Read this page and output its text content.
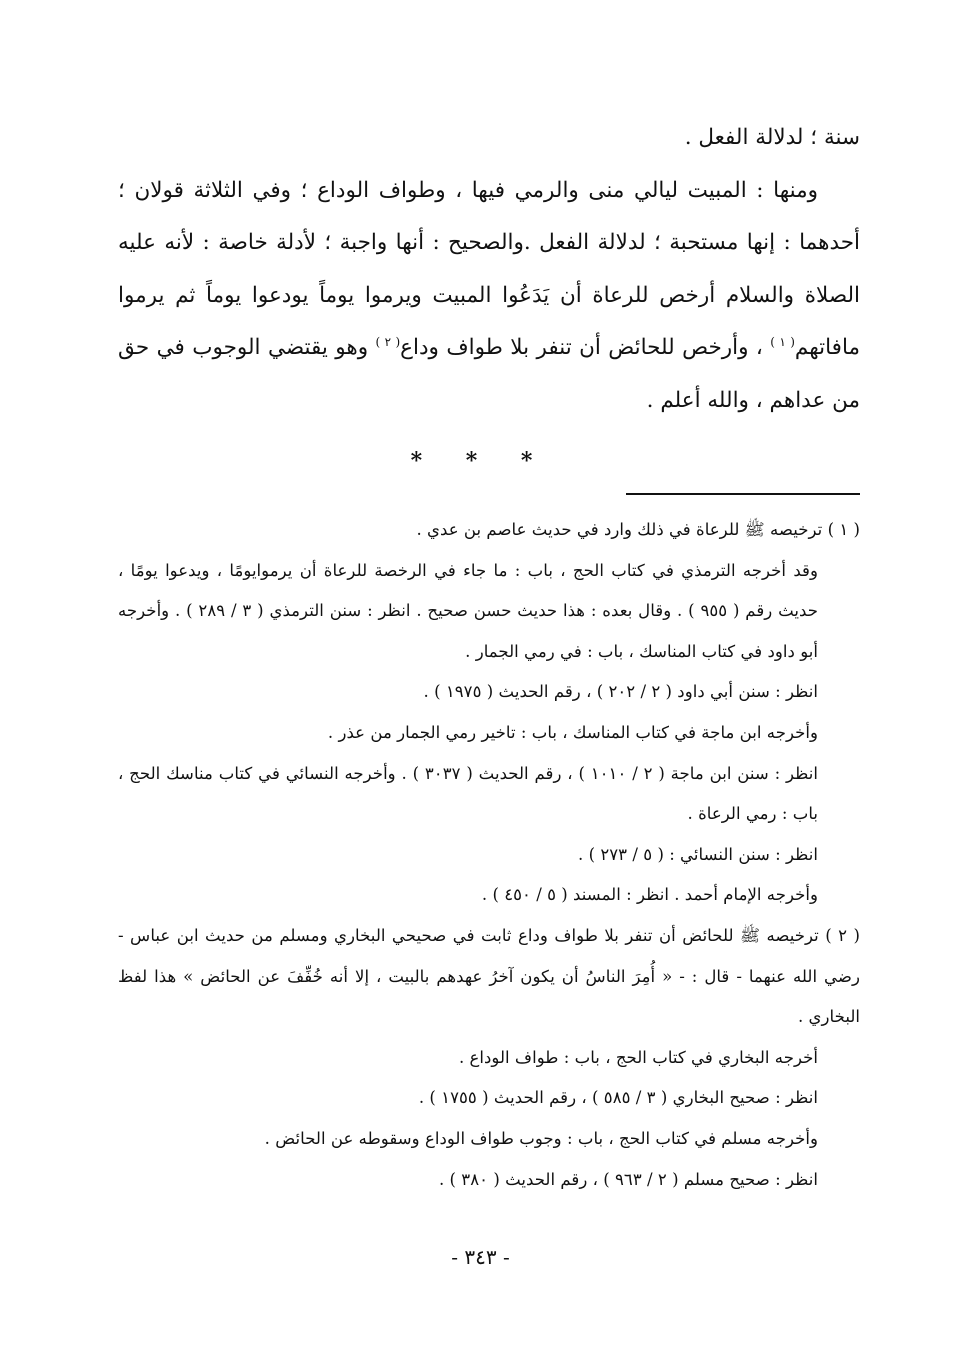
سنة ؛ لدلالة الفعل .

ومنها : المبيت ليالي منى والرمي فيها ، وطواف الوداع ؛ وفي الثلاثة قولان ؛ أحدهما : إنها مستحبة ؛ لدلالة الفعل .والصحيح : أنها واجبة ؛ لأدلة خاصة : لأنه عليه الصلاة والسلام أرخص للرعاة أن يَدَعُوا المبيت ويرموا يوماً يودعوا يوماً ثم يرموا مافاتهم$^{( ١ )}$ ، وأرخص للحائض أن تنفر بلا طواف وداع$^{( ٢ )}$ وهو يقتضي الوجوب في حق من عداهم ، والله أعلم .

* * *

( ١ ) ترخيصه ﷺ للرعاة في ذلك وارد في حديث عاصم بن عدي .

وقد أخرجه الترمذي في كتاب الحج ، باب : ما جاء في الرخصة للرعاة أن يرموايومًا ، ويدعوا يومًا ، حديث رقم ( ٩٥٥ ) . وقال بعده : هذا حديث حسن صحيح . انظر : سنن الترمذي ( ٣ / ٢٨٩ ) . وأخرجه أبو داود في كتاب المناسك ، باب : في رمي الجمار .

انظر : سنن أبي داود ( ٢ / ٢٠٢ ) ، رقم الحديث ( ١٩٧٥ ) .

وأخرجه ابن ماجة في كتاب المناسك ، باب : تاخير رمي الجمار من عذر .

انظر : سنن ابن ماجة ( ٢ / ١٠١٠ ) ، رقم الحديث ( ٣٠٣٧ ) . وأخرجه النسائي في كتاب مناسك الحج ، باب : رمي الرعاة .

انظر : سنن النسائي : ( ٥ / ٢٧٣ ) .

وأخرجه الإمام أحمد . انظر : المسند ( ٥ / ٤٥٠ ) .

( ٢ ) ترخيصه ﷺ للحائض أن تنفر بلا طواف وداع ثابت في صحيحي البخاري ومسلم من حديث ابن عباس - رضي الله عنهما - قال : - « أُمِرَ الناسُ أن يكون آخرُ عهدهم بالبيت ، إلا أنه خُفِّفَ عن الحائض » هذا لفظ البخاري .

أخرجه البخاري في كتاب الحج ، باب : طواف الوداع .

انظر : صحيح البخاري ( ٣ / ٥٨٥ ) ، رقم الحديث ( ١٧٥٥ ) .

وأخرجه مسلم في كتاب الحج ، باب : وجوب طواف الوداع وسقوطه عن الحائض .

انظر : صحيح مسلم ( ٢ / ٩٦٣ ) ، رقم الحديث ( ٣٨٠ ) .

- ٣٤٣ -
